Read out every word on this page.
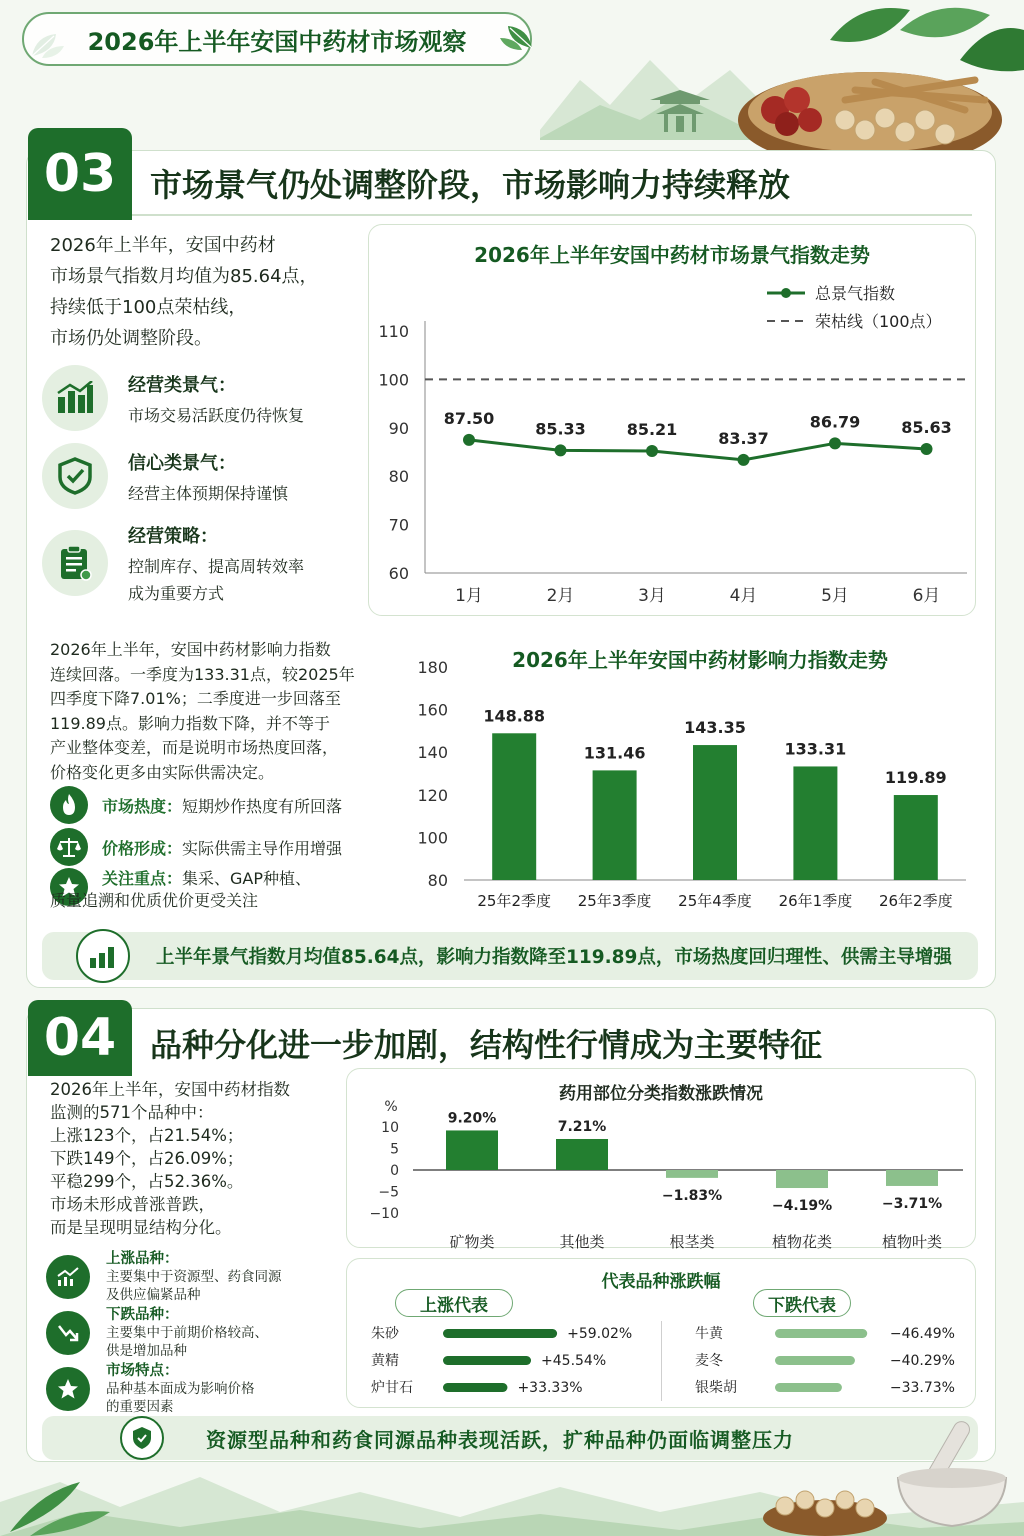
2026年上半年安国中药材市场观察
03 市场景气仍处调整阶段，市场影响力持续释放
2026年上半年，安国中药材
市场景气指数月均值为85.64点，
持续低于100点荣枯线，
市场仍处调整阶段。
经营类景气：
市场交易活跃度仍待恢复
信心类景气：
经营主体预期保持谨慎
经营策略：
控制库存、提高周转效率
成为重要方式
2026年上半年安国中药材市场景气指数走势
60
70
80
90
100
110
1月	2月	3月	4月	5月	6月
87.50
85.33	85.21	83.37
86.79	85.63
总景气指数
荣枯线（100点）
2026年上半年，安国中药材影响力指数
连续回落。一季度为133.31点，较2025年
四季度下降7.01%；二季度进一步回落至
119.89点。影响力指数下降，并不等于
产业整体变差，而是说明市场热度回落，
价格变化更多由实际供需决定。
市场热度：短期炒作热度有所回落
价格形成：实际供需主导作用增强
关注重点：集采、GAP种植、
质量追溯和优质优价更受关注
2026年上半年安国中药材影响力指数走势
80
100
120
140
160
180
148.88
25年2季度
131.46
25年3季度
143.35
25年4季度
133.31
26年1季度
119.89
26年2季度
上半年景气指数月均值85.64点，影响力指数降至119.89点，市场热度回归理性、供需主导增强
04 品种分化进一步加剧，结构性行情成为主要特征
2026年上半年，安国中药材指数
监测的571个品种中：
上涨123个，占21.54%；
下跌149个，占26.09%；
平稳299个，占52.36%。
市场未形成普涨普跌，
而是呈现明显结构分化。
上涨品种：
主要集中于资源型、药食同源
及供应偏紧品种
下跌品种：
主要集中于前期价格较高、
供是增加品种
市场特点：
品种基本面成为影响价格
的重要因素
药用部位分类指数涨跌情况
%
−10
−5
0
5
10
9.20%
矿物类
7.21%
其他类
−1.83%
根茎类
−4.19%
植物花类
−3.71%
植物叶类
代表品种涨跌幅
上涨代表	下跌代表
朱砂	+59.02%
黄精	+45.54%
炉甘石	+33.33%
牛黄	−46.49%
麦冬	−40.29%
银柴胡	−33.73%
资源型品种和药食同源品种表现活跃，扩种品种仍面临调整压力
